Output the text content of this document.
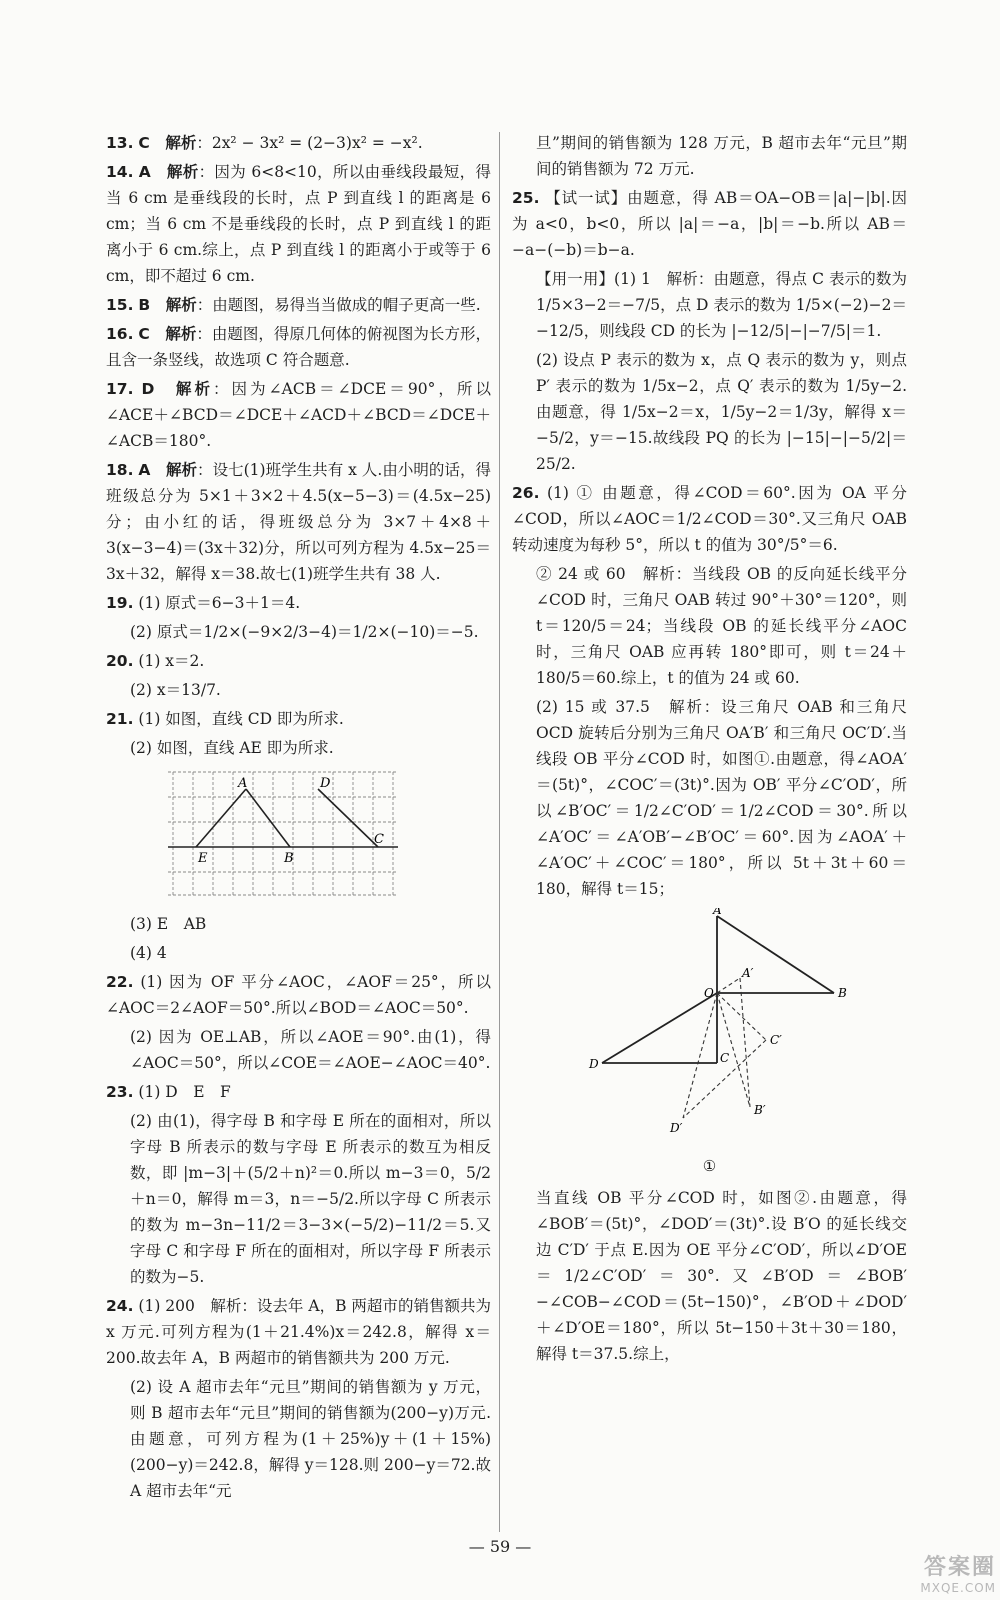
13. C　 解析：2x² − 3x² = (2−3)x² = −x².
14. A　 解析：因为 6<8<10，所以由垂线段最短，得当 6 cm 是垂线段的长时，点 P 到直线 l 的距离是 6 cm；当 6 cm 不是垂线段的长时，点 P 到直线 l 的距离小于 6 cm.综上，点 P 到直线 l 的距离小于或等于 6 cm，即不超过 6 cm.
15. B　 解析：由题图，易得当当做成的帽子更高一些.
16. C　 解析：由题图，得原几何体的俯视图为长方形，且含一条竖线，故选项 C 符合题意.
17. D　 解析：因为∠ACB＝∠DCE＝90°，所以∠ACE＋∠BCD＝∠DCE＋∠ACD＋∠BCD＝∠DCE＋∠ACB＝180°.
18. A　 解析：设七(1)班学生共有 x 人.由小明的话，得班级总分为 5×1＋3×2＋4.5(x−5−3)＝(4.5x−25)分；由小红的话，得班级总分为 3×7＋4×8＋3(x−3−4)＝(3x＋32)分，所以可列方程为 4.5x−25＝3x＋32，解得 x＝38.故七(1)班学生共有 38 人.
19. (1) 原式＝6−3＋1＝4.
(2) 原式＝1/2×(−9×2/3−4)＝1/2×(−10)＝−5.
20. (1) x＝2.
(2) x＝13/7.
21. (1) 如图，直线 CD 即为所求.
(2) 如图，直线 AE 即为所求.
A	D
E	B
C
(3) E　AB
(4) 4
22. (1) 因为 OF 平分∠AOC，∠AOF＝25°，所以∠AOC＝2∠AOF＝50°.所以∠BOD＝∠AOC＝50°.
(2) 因为 OE⊥AB，所以∠AOE＝90°.由(1)，得∠AOC＝50°，所以∠COE＝∠AOE−∠AOC＝40°.
23. (1) D　E　F
(2) 由(1)，得字母 B 和字母 E 所在的面相对，所以字母 B 所表示的数与字母 E 所表示的数互为相反数，即 |m−3|＋(5/2＋n)²＝0.所以 m−3＝0，5/2＋n＝0，解得 m＝3，n＝−5/2.所以字母 C 所表示的数为 m−3n−11/2＝3−3×(−5/2)−11/2＝5.又字母 C 和字母 F 所在的面相对，所以字母 F 所表示的数为−5.
24. (1) 200　解析：设去年 A，B 两超市的销售额共为 x 万元.可列方程为(1＋21.4%)x＝242.8，解得 x＝200.故去年 A，B 两超市的销售额共为 200 万元.
(2) 设 A 超市去年“元旦”期间的销售额为 y 万元，则 B 超市去年“元旦”期间的销售额为(200−y)万元.由题意，可列方程为(1＋25%)y＋(1＋15%)(200−y)＝242.8，解得 y＝128.则 200−y＝72.故 A 超市去年“元
旦”期间的销售额为 128 万元，B 超市去年“元旦”期间的销售额为 72 万元.
25. 【试一试】由题意，得 AB＝OA−OB＝|a|−|b|.因为 a<0，b<0，所以 |a|＝−a，|b|＝−b.所以 AB＝−a−(−b)＝b−a.
【用一用】(1) 1　解析：由题意，得点 C 表示的数为 1/5×3−2＝−7/5，点 D 表示的数为 1/5×(−2)−2＝−12/5，则线段 CD 的长为 |−12/5|−|−7/5|＝1.
(2) 设点 P 表示的数为 x，点 Q 表示的数为 y，则点 P′ 表示的数为 1/5x−2，点 Q′ 表示的数为 1/5y−2.由题意，得 1/5x−2＝x，1/5y−2＝1/3y，解得 x＝−5/2，y＝−15.故线段 PQ 的长为 |−15|−|−5/2|＝25/2.
26. (1) ① 由题意，得∠COD＝60°.因为 OA 平分∠COD，所以∠AOC＝1/2∠COD＝30°.又三角尺 OAB 转动速度为每秒 5°，所以 t 的值为 30°/5°＝6.
② 24 或 60　解析：当线段 OB 的反向延长线平分∠COD 时，三角尺 OAB 转过 90°＋30°＝120°，则 t＝120/5＝24；当线段 OB 的延长线平分∠AOC 时，三角尺 OAB 应再转 180°即可，则 t＝24＋180/5＝60.综上，t 的值为 24 或 60.
(2) 15 或 37.5　解析：设三角尺 OAB 和三角尺 OCD 旋转后分别为三角尺 OA′B′ 和三角尺 OC′D′.当线段 OB 平分∠COD 时，如图①.由题意，得∠AOA′＝(5t)°，∠COC′＝(3t)°.因为 OB′ 平分∠C′OD′，所以∠B′OC′＝1/2∠C′OD′＝1/2∠COD＝30°.所以∠A′OC′＝∠A′OB′−∠B′OC′＝60°.因为∠AOA′＋∠A′OC′＋∠COC′＝180°，所以 5t＋3t＋60＝180，解得 t＝15；
A
A′
B
B′
C
C′
D
D′
O
①
当直线 OB 平分∠COD 时，如图②.由题意，得∠BOB′＝(5t)°，∠DOD′＝(3t)°.设 B′O 的延长线交边 C′D′ 于点 E.因为 OE 平分∠C′OD′，所以∠D′OE＝1/2∠C′OD′＝30°.又∠B′OD＝∠BOB′−∠COB−∠COD＝(5t−150)°，∠B′OD＋∠DOD′＋∠D′OE＝180°，所以 5t−150＋3t＋30＝180，解得 t＝37.5.综上，
— 59 —
答案圈
MXQE.COM
